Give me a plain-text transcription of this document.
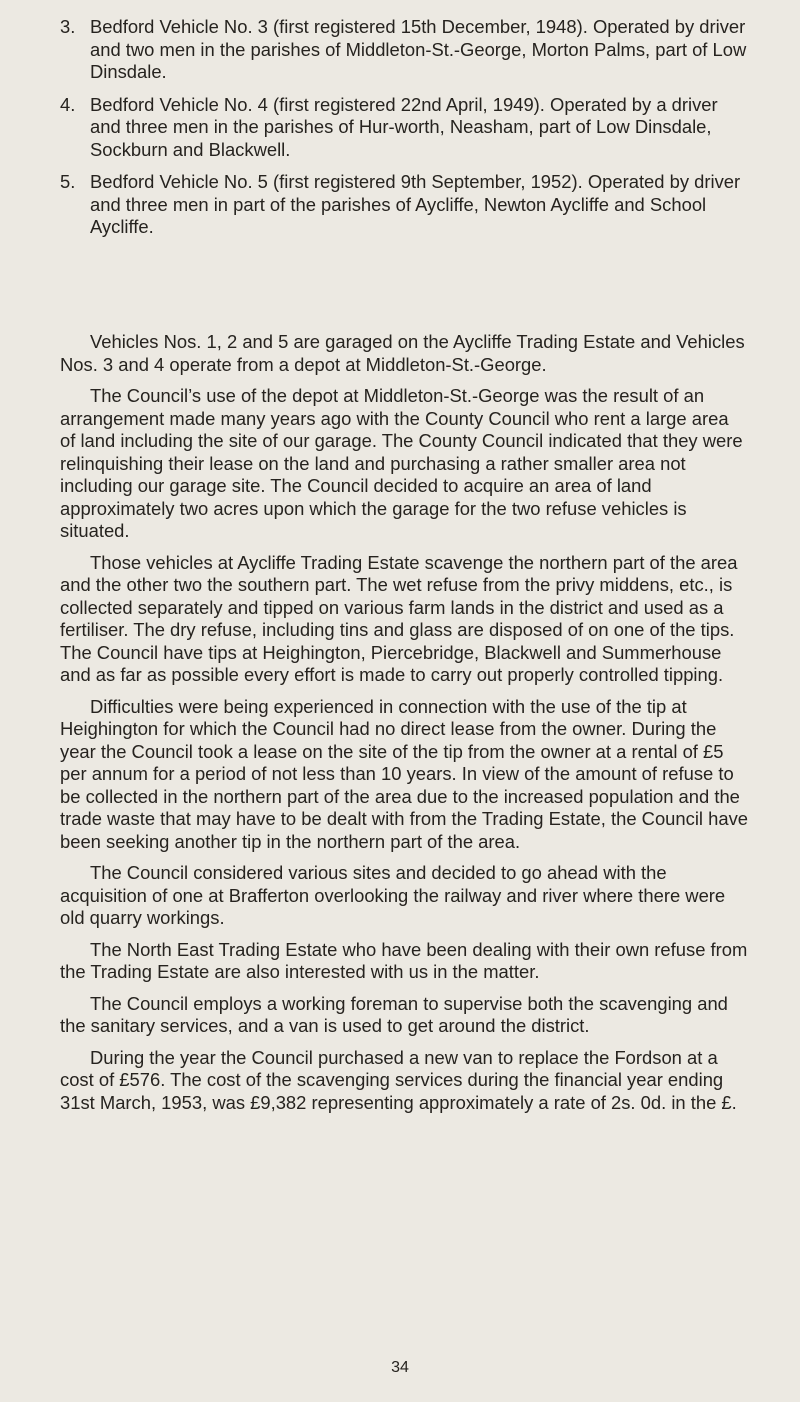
3. Bedford Vehicle No. 3 (first registered 15th December, 1948). Operated by driver and two men in the parishes of Middleton-St.-George, Morton Palms, part of Low Dinsdale.
4. Bedford Vehicle No. 4 (first registered 22nd April, 1949). Operated by a driver and three men in the parishes of Hur-worth, Neasham, part of Low Dinsdale, Sockburn and Blackwell.
5. Bedford Vehicle No. 5 (first registered 9th September, 1952). Operated by driver and three men in part of the parishes of Aycliffe, Newton Aycliffe and School Aycliffe.

Vehicles Nos. 1, 2 and 5 are garaged on the Aycliffe Trading Estate and Vehicles Nos. 3 and 4 operate from a depot at Middleton-St.-George.

The Council’s use of the depot at Middleton-St.-George was the result of an arrangement made many years ago with the County Council who rent a large area of land including the site of our garage. The County Council indicated that they were relinquishing their lease on the land and purchasing a rather smaller area not including our garage site. The Council decided to acquire an area of land approximately two acres upon which the garage for the two refuse vehicles is situated.

Those vehicles at Aycliffe Trading Estate scavenge the northern part of the area and the other two the southern part. The wet refuse from the privy middens, etc., is collected separately and tipped on various farm lands in the district and used as a fertiliser. The dry refuse, including tins and glass are disposed of on one of the tips. The Council have tips at Heighington, Piercebridge, Blackwell and Summerhouse and as far as possible every effort is made to carry out properly controlled tipping.

Difficulties were being experienced in connection with the use of the tip at Heighington for which the Council had no direct lease from the owner. During the year the Council took a lease on the site of the tip from the owner at a rental of £5 per annum for a period of not less than 10 years. In view of the amount of refuse to be collected in the northern part of the area due to the increased population and the trade waste that may have to be dealt with from the Trading Estate, the Council have been seeking another tip in the northern part of the area.

The Council considered various sites and decided to go ahead with the acquisition of one at Brafferton overlooking the railway and river where there were old quarry workings.

The North East Trading Estate who have been dealing with their own refuse from the Trading Estate are also interested with us in the matter.

The Council employs a working foreman to supervise both the scavenging and the sanitary services, and a van is used to get around the district.

During the year the Council purchased a new van to replace the Fordson at a cost of £576. The cost of the scavenging services during the financial year ending 31st March, 1953, was £9,382 representing approximately a rate of 2s. 0d. in the £.

34
